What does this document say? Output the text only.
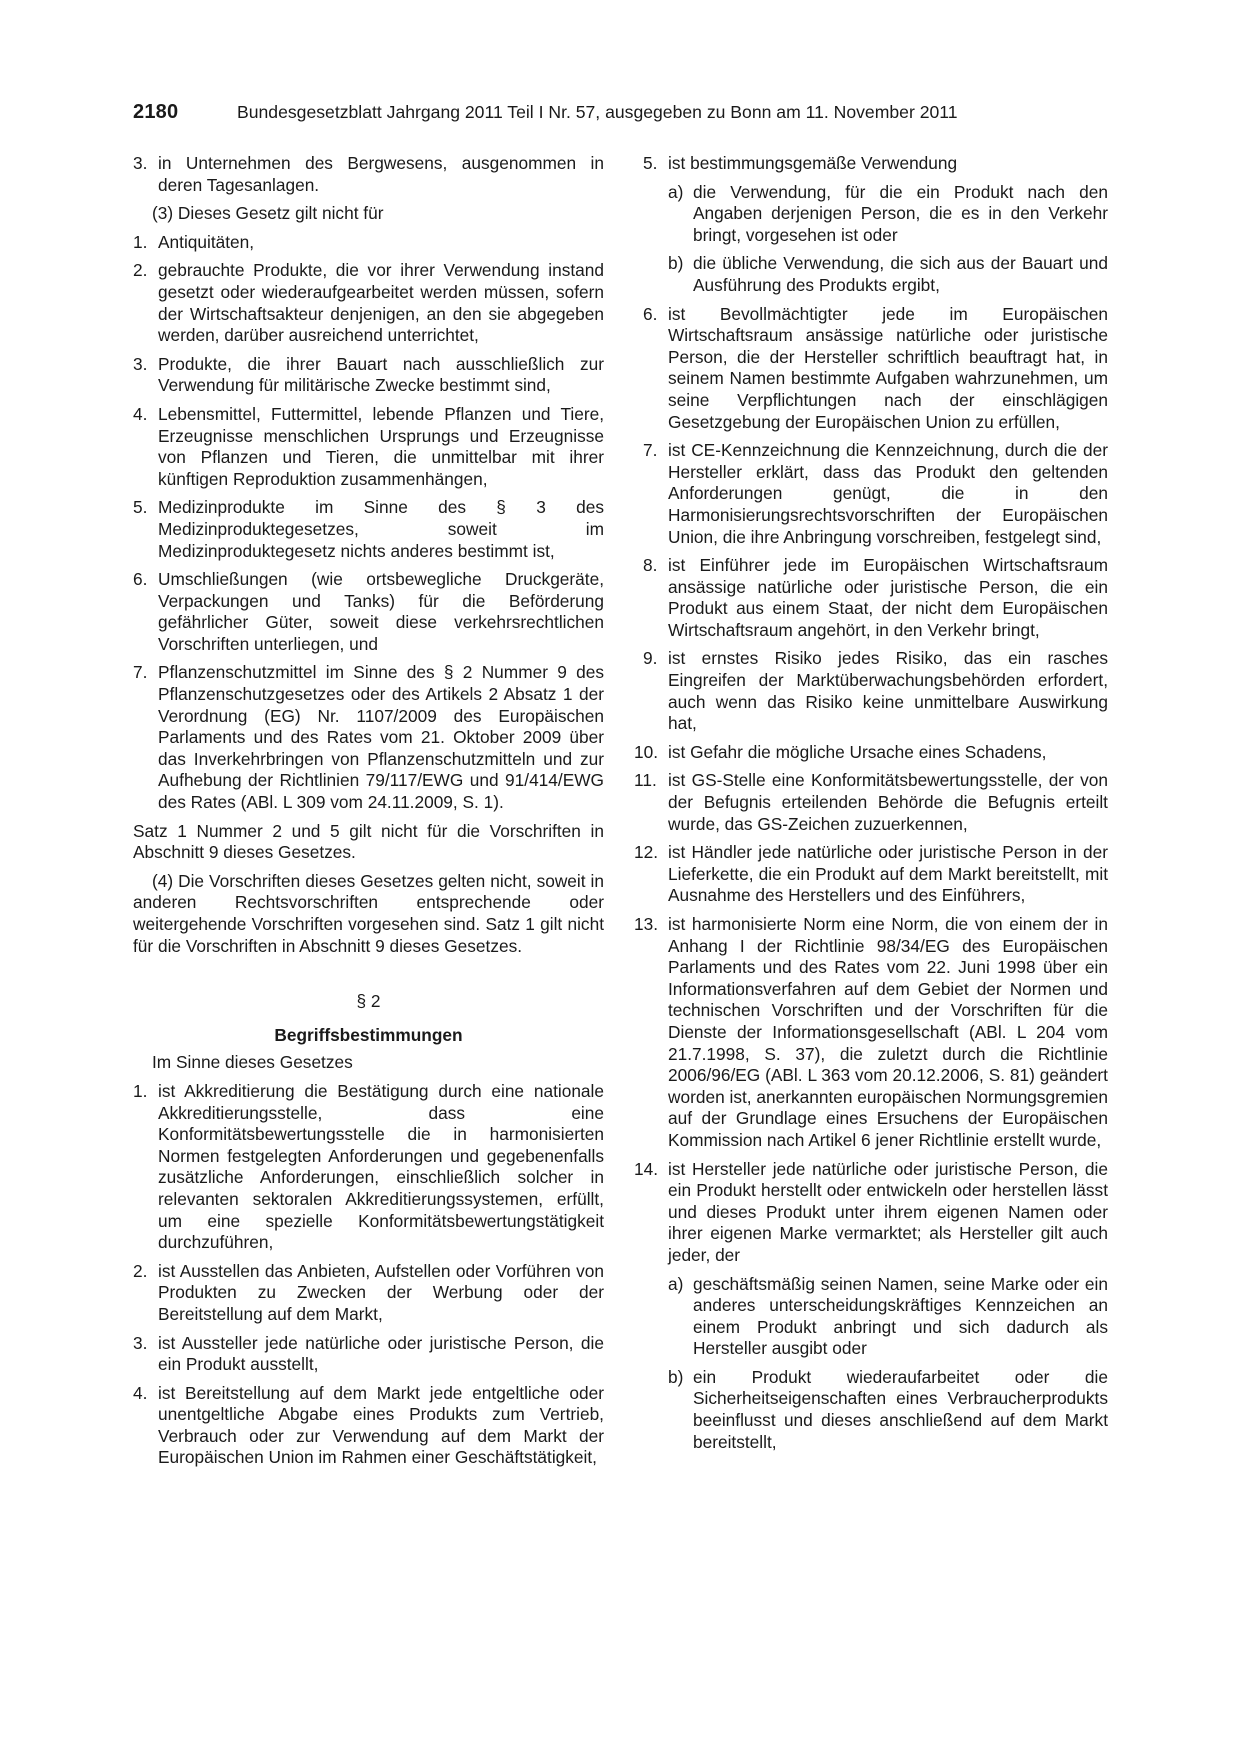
2180	Bundesgesetzblatt Jahrgang 2011 Teil I Nr. 57, ausgegeben zu Bonn am 11. November 2011
3. in Unternehmen des Bergwesens, ausgenommen in deren Tagesanlagen.
(3) Dieses Gesetz gilt nicht für
1. Antiquitäten,
2. gebrauchte Produkte, die vor ihrer Verwendung instand gesetzt oder wiederaufgearbeitet werden müssen, sofern der Wirtschaftsakteur denjenigen, an den sie abgegeben werden, darüber ausreichend unterrichtet,
3. Produkte, die ihrer Bauart nach ausschließlich zur Verwendung für militärische Zwecke bestimmt sind,
4. Lebensmittel, Futtermittel, lebende Pflanzen und Tiere, Erzeugnisse menschlichen Ursprungs und Erzeugnisse von Pflanzen und Tieren, die unmittelbar mit ihrer künftigen Reproduktion zusammenhängen,
5. Medizinprodukte im Sinne des § 3 des Medizinproduktegesetzes, soweit im Medizinproduktegesetz nichts anderes bestimmt ist,
6. Umschließungen (wie ortsbewegliche Druckgeräte, Verpackungen und Tanks) für die Beförderung gefährlicher Güter, soweit diese verkehrsrechtlichen Vorschriften unterliegen, und
7. Pflanzenschutzmittel im Sinne des § 2 Nummer 9 des Pflanzenschutzgesetzes oder des Artikels 2 Absatz 1 der Verordnung (EG) Nr. 1107/2009 des Europäischen Parlaments und des Rates vom 21. Oktober 2009 über das Inverkehrbringen von Pflanzenschutzmitteln und zur Aufhebung der Richtlinien 79/117/EWG und 91/414/EWG des Rates (ABl. L 309 vom 24.11.2009, S. 1).
Satz 1 Nummer 2 und 5 gilt nicht für die Vorschriften in Abschnitt 9 dieses Gesetzes.
(4) Die Vorschriften dieses Gesetzes gelten nicht, soweit in anderen Rechtsvorschriften entsprechende oder weitergehende Vorschriften vorgesehen sind. Satz 1 gilt nicht für die Vorschriften in Abschnitt 9 dieses Gesetzes.
§ 2
Begriffsbestimmungen
Im Sinne dieses Gesetzes
1. ist Akkreditierung die Bestätigung durch eine nationale Akkreditierungsstelle, dass eine Konformitätsbewertungsstelle die in harmonisierten Normen festgelegten Anforderungen und gegebenenfalls zusätzliche Anforderungen, einschließlich solcher in relevanten sektoralen Akkreditierungssystemen, erfüllt, um eine spezielle Konformitätsbewertungstätigkeit durchzuführen,
2. ist Ausstellen das Anbieten, Aufstellen oder Vorführen von Produkten zu Zwecken der Werbung oder der Bereitstellung auf dem Markt,
3. ist Aussteller jede natürliche oder juristische Person, die ein Produkt ausstellt,
4. ist Bereitstellung auf dem Markt jede entgeltliche oder unentgeltliche Abgabe eines Produkts zum Vertrieb, Verbrauch oder zur Verwendung auf dem Markt der Europäischen Union im Rahmen einer Geschäftstätigkeit,
5. ist bestimmungsgemäße Verwendung
a) die Verwendung, für die ein Produkt nach den Angaben derjenigen Person, die es in den Verkehr bringt, vorgesehen ist oder
b) die übliche Verwendung, die sich aus der Bauart und Ausführung des Produkts ergibt,
6. ist Bevollmächtigter jede im Europäischen Wirtschaftsraum ansässige natürliche oder juristische Person, die der Hersteller schriftlich beauftragt hat, in seinem Namen bestimmte Aufgaben wahrzunehmen, um seine Verpflichtungen nach der einschlägigen Gesetzgebung der Europäischen Union zu erfüllen,
7. ist CE-Kennzeichnung die Kennzeichnung, durch die der Hersteller erklärt, dass das Produkt den geltenden Anforderungen genügt, die in den Harmonisierungsrechtsvorschriften der Europäischen Union, die ihre Anbringung vorschreiben, festgelegt sind,
8. ist Einführer jede im Europäischen Wirtschaftsraum ansässige natürliche oder juristische Person, die ein Produkt aus einem Staat, der nicht dem Europäischen Wirtschaftsraum angehört, in den Verkehr bringt,
9. ist ernstes Risiko jedes Risiko, das ein rasches Eingreifen der Marktüberwachungsbehörden erfordert, auch wenn das Risiko keine unmittelbare Auswirkung hat,
10. ist Gefahr die mögliche Ursache eines Schadens,
11. ist GS-Stelle eine Konformitätsbewertungsstelle, der von der Befugnis erteilenden Behörde die Befugnis erteilt wurde, das GS-Zeichen zuzuerkennen,
12. ist Händler jede natürliche oder juristische Person in der Lieferkette, die ein Produkt auf dem Markt bereitstellt, mit Ausnahme des Herstellers und des Einführers,
13. ist harmonisierte Norm eine Norm, die von einem der in Anhang I der Richtlinie 98/34/EG des Europäischen Parlaments und des Rates vom 22. Juni 1998 über ein Informationsverfahren auf dem Gebiet der Normen und technischen Vorschriften und der Vorschriften für die Dienste der Informationsgesellschaft (ABl. L 204 vom 21.7.1998, S. 37), die zuletzt durch die Richtlinie 2006/96/EG (ABl. L 363 vom 20.12.2006, S. 81) geändert worden ist, anerkannten europäischen Normungsgremien auf der Grundlage eines Ersuchens der Europäischen Kommission nach Artikel 6 jener Richtlinie erstellt wurde,
14. ist Hersteller jede natürliche oder juristische Person, die ein Produkt herstellt oder entwickeln oder herstellen lässt und dieses Produkt unter ihrem eigenen Namen oder ihrer eigenen Marke vermarktet; als Hersteller gilt auch jeder, der
a) geschäftsmäßig seinen Namen, seine Marke oder ein anderes unterscheidungskräftiges Kennzeichen an einem Produkt anbringt und sich dadurch als Hersteller ausgibt oder
b) ein Produkt wiederaufarbeitet oder die Sicherheitseigenschaften eines Verbraucherprodukts beeinflusst und dieses anschließend auf dem Markt bereitstellt,
